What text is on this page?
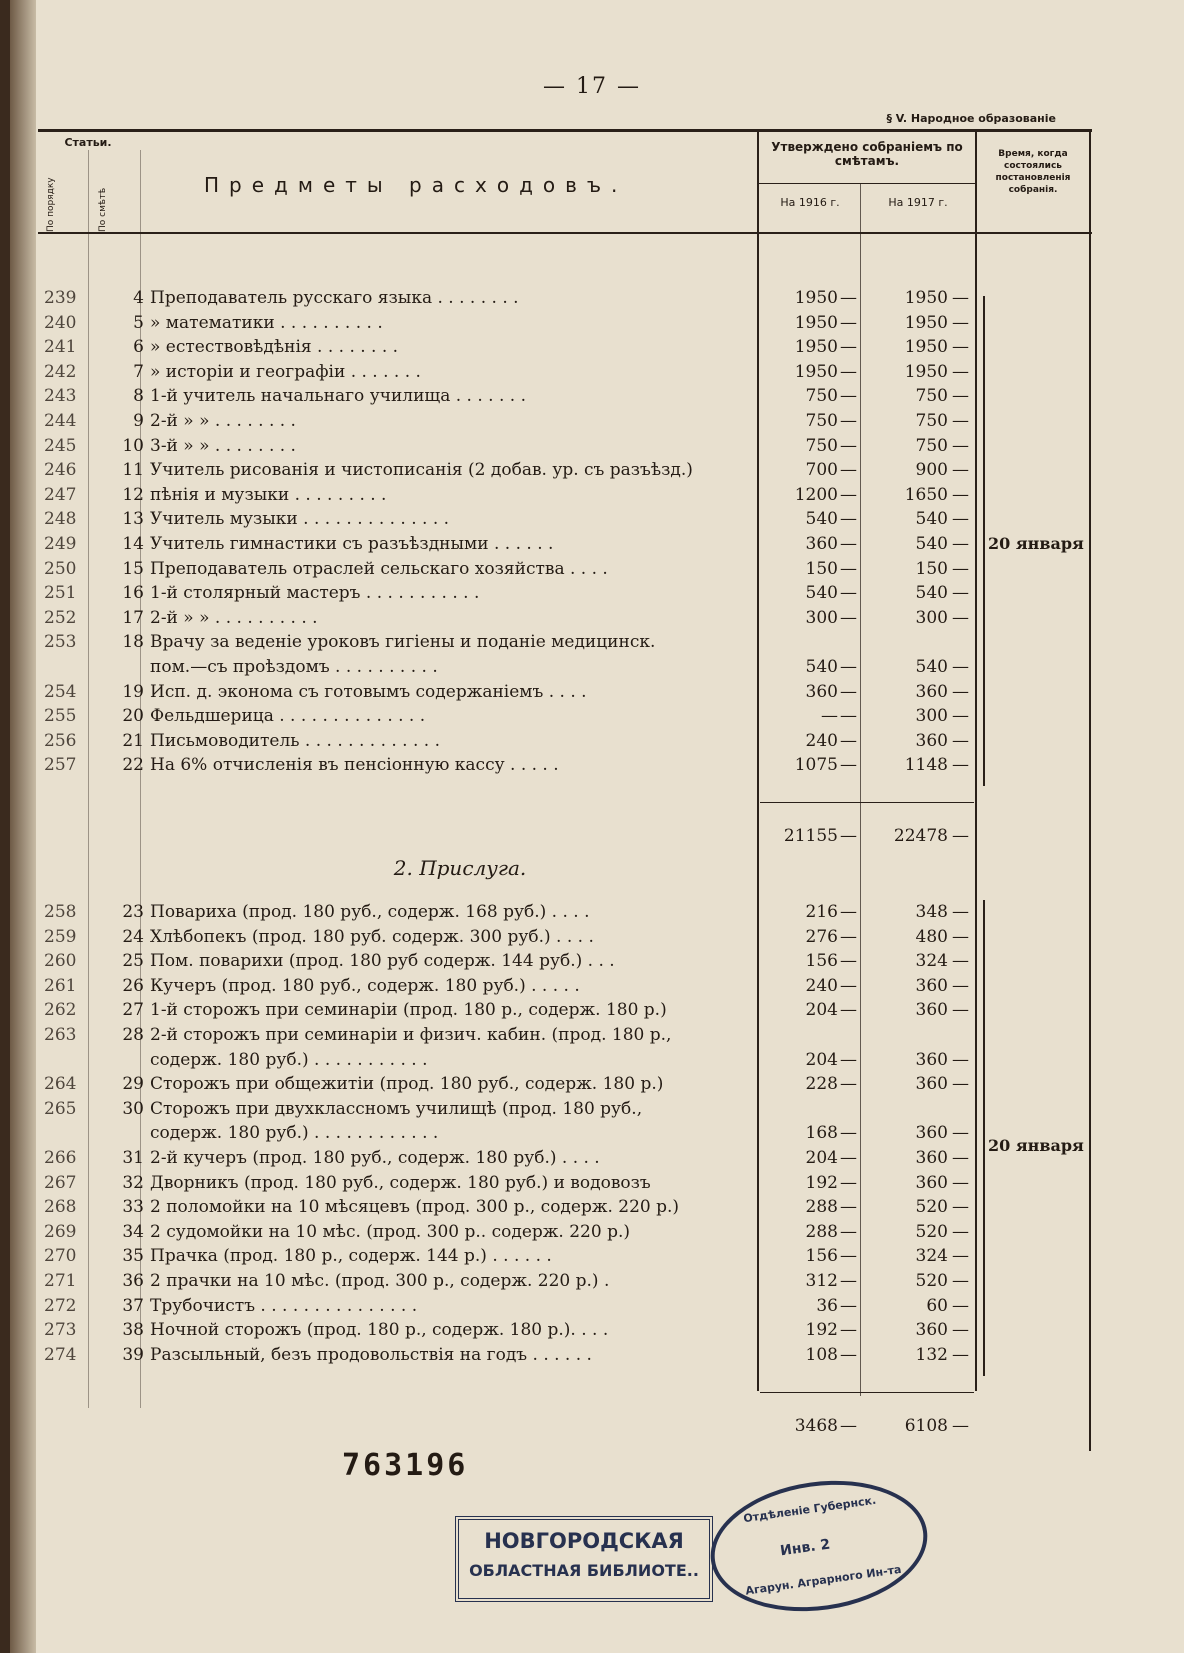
— 17 —
§ V. Народное образованіе
Статьи.
По порядку	По смѣтѣ
Предметы расходовъ.
Утверждено собраніемъ по смѣтамъ.
На 1916 г.	На 1917 г.
Время, когда состоялись постановленія собранія.
239	4 Преподаватель русскаго языка . . . . . . . .	1950	1950
—	—
240	5 » математики . . . . . . . . . .	1950	1950
—	—
241	6 » естествовѣдѣнія . . . . . . . .	1950	1950
—	—
242	7 » исторіи и географіи . . . . . . .	1950	1950
—	—
243	8 1-й учитель начальнаго училища . . . . . . .	750	750
—	—
244	9 2-й » » . . . . . . . .	750	750
—	—
245	10 3-й » » . . . . . . . .	750	750
—	—
246	11 Учитель рисованія и чистописанія (2 добав. ур. съ разъѣзд.)	700	900
—	—
247	12 пѣнія и музыки . . . . . . . . .	1200	1650
—	—
248	13 Учитель музыки . . . . . . . . . . . . . .	540	540
—	—
249	14 Учитель гимнастики съ разъѣздными . . . . . .	360	540
—	—
250	15 Преподаватель отраслей сельскаго хозяйства . . . .	150	150
—	—
251	16 1-й столярный мастеръ . . . . . . . . . . .	540	540
—	—
252	17 2-й » » . . . . . . . . . .	300	300
—	—
253	18 Врачу за веденіе уроковъ гигіены и поданіе медицинск.
пом.—съ проѣздомъ . . . . . . . . . .	540	540
—	—
254	19 Исп. д. эконома съ готовымъ содержаніемъ . . . .	360	360
—	—
255	20 Фельдшерица . . . . . . . . . . . . . .	—	300
—	—
256	21 Письмоводитель . . . . . . . . . . . . .	240	360
—	—
257	22 На 6% отчисленія въ пенсіонную кассу . . . . .	1075	1148
—	—
21155 —	22478 —
2. Прислуга.
258	23 Повариха (прод. 180 руб., содерж. 168 руб.) . . . .	216	348
—	—
259	24 Хлѣбопекъ (прод. 180 руб. содерж. 300 руб.) . . . .	276	480
—	—
260	25 Пом. поварихи (прод. 180 руб содерж. 144 руб.) . . .	156	324
—	—
261	26 Кучеръ (прод. 180 руб., содерж. 180 руб.) . . . . .	240	360
—	—
262	27 1-й сторожъ при семинаріи (прод. 180 р., содерж. 180 р.)	204	360
—	—
263	28 2-й сторожъ при семинаріи и физич. кабин. (прод. 180 р.,
содерж. 180 руб.) . . . . . . . . . . .	204	360
—	—
264	29 Сторожъ при общежитіи (прод. 180 руб., содерж. 180 р.)	228	360
—	—
265	30 Сторожъ при двухклассномъ училищѣ (прод. 180 руб.,
содерж. 180 руб.) . . . . . . . . . . . .	168	360
—	—
266	31 2-й кучеръ (прод. 180 руб., содерж. 180 руб.) . . . .	204	360
—	—
267	32 Дворникъ (прод. 180 руб., содерж. 180 руб.) и водовозъ	192	360
—	—
268	33 2 поломойки на 10 мѣсяцевъ (прод. 300 р., содерж. 220 р.)	288	520
—	—
269	34 2 судомойки на 10 мѣс. (прод. 300 р.. содерж. 220 р.)	288	520
—	—
270	35 Прачка (прод. 180 р., содерж. 144 р.) . . . . . .	156	324
—	—
271	36 2 прачки на 10 мѣс. (прод. 300 р., содерж. 220 р.) .	312	520
—	—
272	37 Трубочистъ . . . . . . . . . . . . . . .	36	60
—	—
273	38 Ночной сторожъ (прод. 180 р., содерж. 180 р.). . . .	192	360
—	—
274	39 Разсыльный, безъ продовольствія на годъ . . . . . .	108	132
—	—
3468 —	6108 —
20 января
20 января
763196
НОВГОРОДСКАЯ
ОБЛАСТНАЯ БИБЛИОТЕ..
Отдѣленіе Губернск.
Инв. 2
Агарун. Аграрного Ин-та
